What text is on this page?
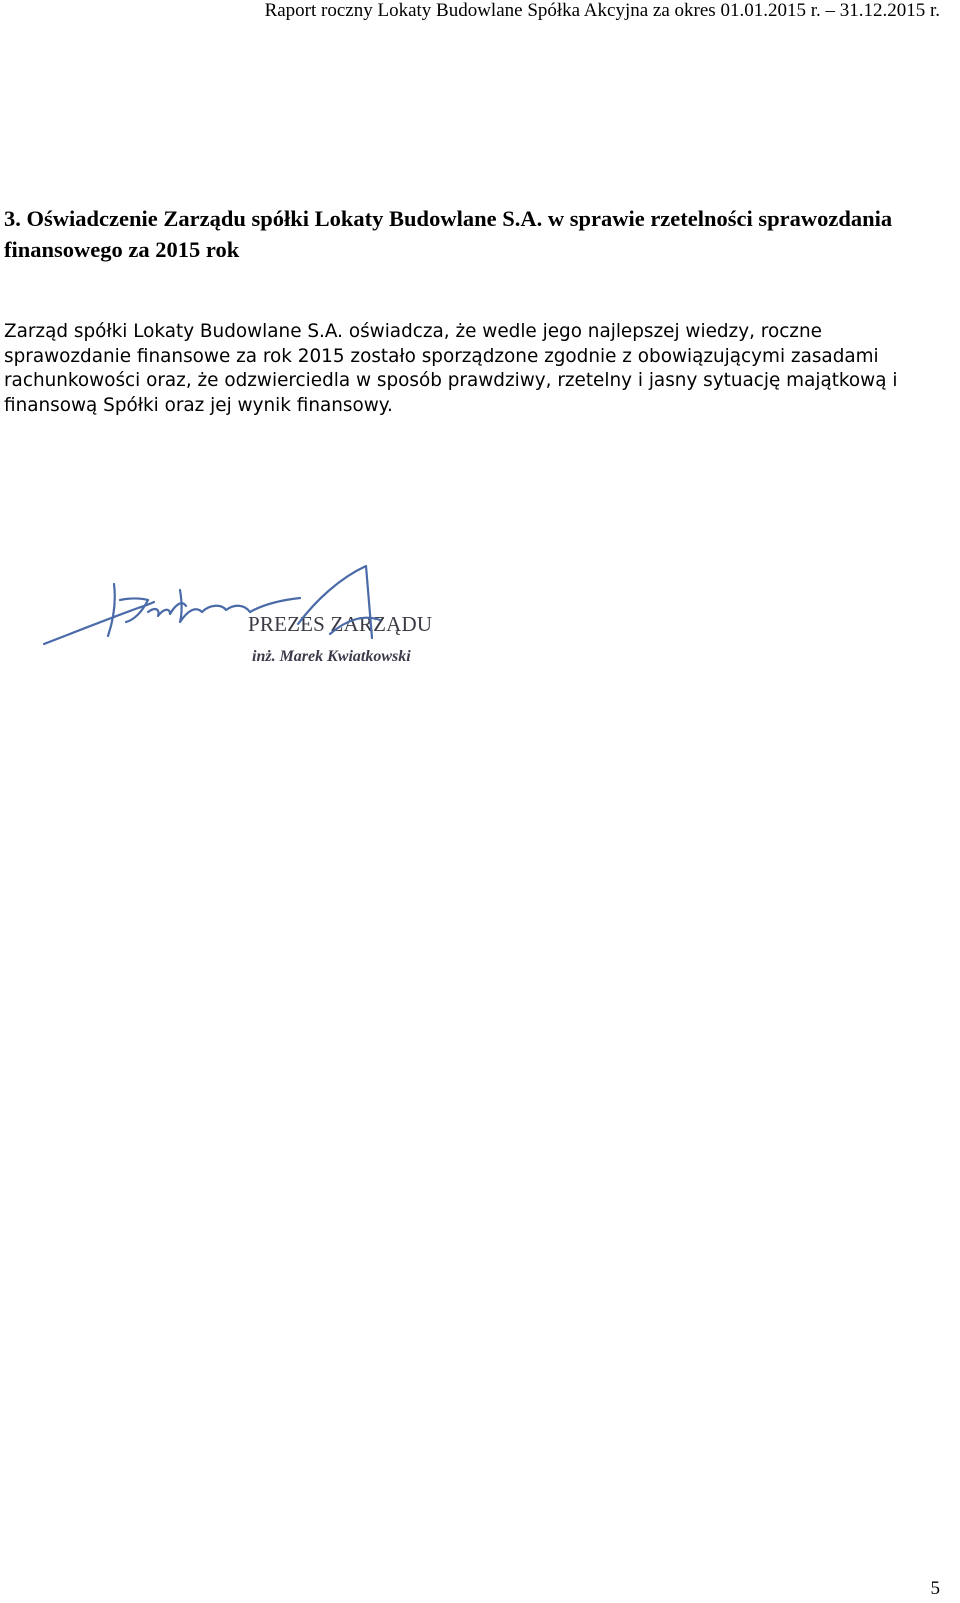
Raport roczny Lokaty Budowlane Spółka Akcyjna za okres 01.01.2015 r. – 31.12.2015 r.
3. Oświadczenie Zarządu spółki Lokaty Budowlane S.A. w sprawie rzetelności sprawozdania finansowego za 2015 rok
Zarząd spółki Lokaty Budowlane S.A. oświadcza, że wedle jego najlepszej wiedzy, roczne sprawozdanie finansowe za rok 2015 zostało sporządzone zgodnie z obowiązującymi zasadami rachunkowości oraz, że odzwierciedla w sposób prawdziwy, rzetelny i jasny sytuację majątkową i finansową Spółki oraz jej wynik finansowy.
PREZES ZARZĄDU
inż. Marek Kwiatkowski
5
